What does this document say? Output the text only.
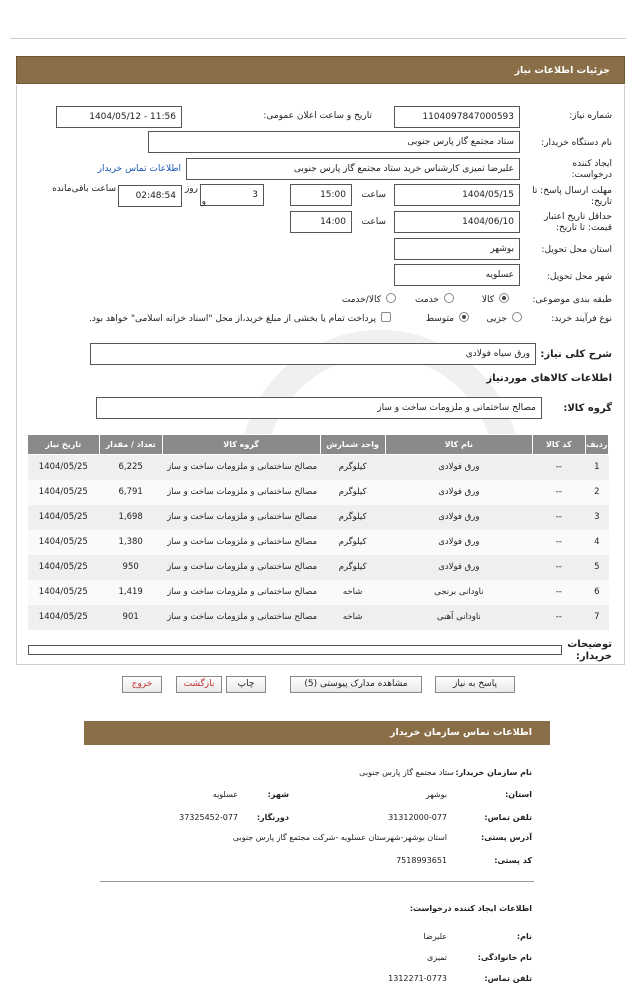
جزئیات اطلاعات نیاز
شماره نیاز:
1104097847000593
تاریخ و ساعت اعلان عمومی:
1404/05/12 - 11:56
نام دستگاه خریدار:
ستاد مجتمع گاز پارس جنوبی
ایجاد کننده درخواست:
علیرضا تمیزی کارشناس خرید ستاد مجتمع گاز پارس جنوبی
اطلاعات تماس خریدار
مهلت ارسال پاسخ: تا تاریخ:
1404/05/15
ساعت
15:00
3
روز
و
02:48:54
ساعت باقی‌مانده
حداقل تاریخ اعتبار قیمت: تا تاریخ:
1404/06/10
ساعت
14:00
استان محل تحویل:
بوشهر
شهر محل تحویل:
عسلویه
طبقه بندی موضوعی:
کالا
خدمت
کالا/خدمت
نوع فرآیند خرید:
جزیی
متوسط
پرداخت تمام یا بخشی از مبلغ خرید،از محل "اسناد خزانه اسلامی" خواهد بود.
شرح کلی نیاز:
ورق سیاه فولادی
اطلاعات کالاهای موردنیاز
گروه کالا:
مصالح ساختمانی و ملزومات ساخت و ساز
ردیف	کد کالا	نام کالا	واحد شمارش	گروه کالا	تعداد / مقدار	تاریخ نیاز
1	--	ورق فولادی	کیلوگرم	مصالح ساختمانی و ملزومات ساخت و ساز	6,225	1404/05/25
2	--	ورق فولادی	کیلوگرم	مصالح ساختمانی و ملزومات ساخت و ساز	6,791	1404/05/25
3	--	ورق فولادی	کیلوگرم	مصالح ساختمانی و ملزومات ساخت و ساز	1,698	1404/05/25
4	--	ورق فولادی	کیلوگرم	مصالح ساختمانی و ملزومات ساخت و ساز	1,380	1404/05/25
5	--	ورق فولادی	کیلوگرم	مصالح ساختمانی و ملزومات ساخت و ساز	950	1404/05/25
6	--	ناودانی برنجی	شاخه	مصالح ساختمانی و ملزومات ساخت و ساز	1,419	1404/05/25
7	--	ناودانی آهنی	شاخه	مصالح ساختمانی و ملزومات ساخت و ساز	901	1404/05/25
توضیحات خریدار:
پاسخ به نیاز
مشاهده مدارک پیوستی (5)
چاپ
بازگشت
خروج
اطلاعات تماس سازمان خریدار
نام سازمان خریدار:
ستاد مجتمع گاز پارس جنوبی
استان:
بوشهر
شهر:
عسلویه
تلفن تماس:
31312000-077
دورنگار:
37325452-077
آدرس پستی:
استان بوشهر-شهرستان عسلویه -شرکت مجتمع گاز پارس جنوبی
کد پستی:
7518993651
اطلاعات ایجاد کننده درخواست:
نام:
علیرضا
نام خانوادگی:
تمیزی
تلفن تماس:
1312271-0773
